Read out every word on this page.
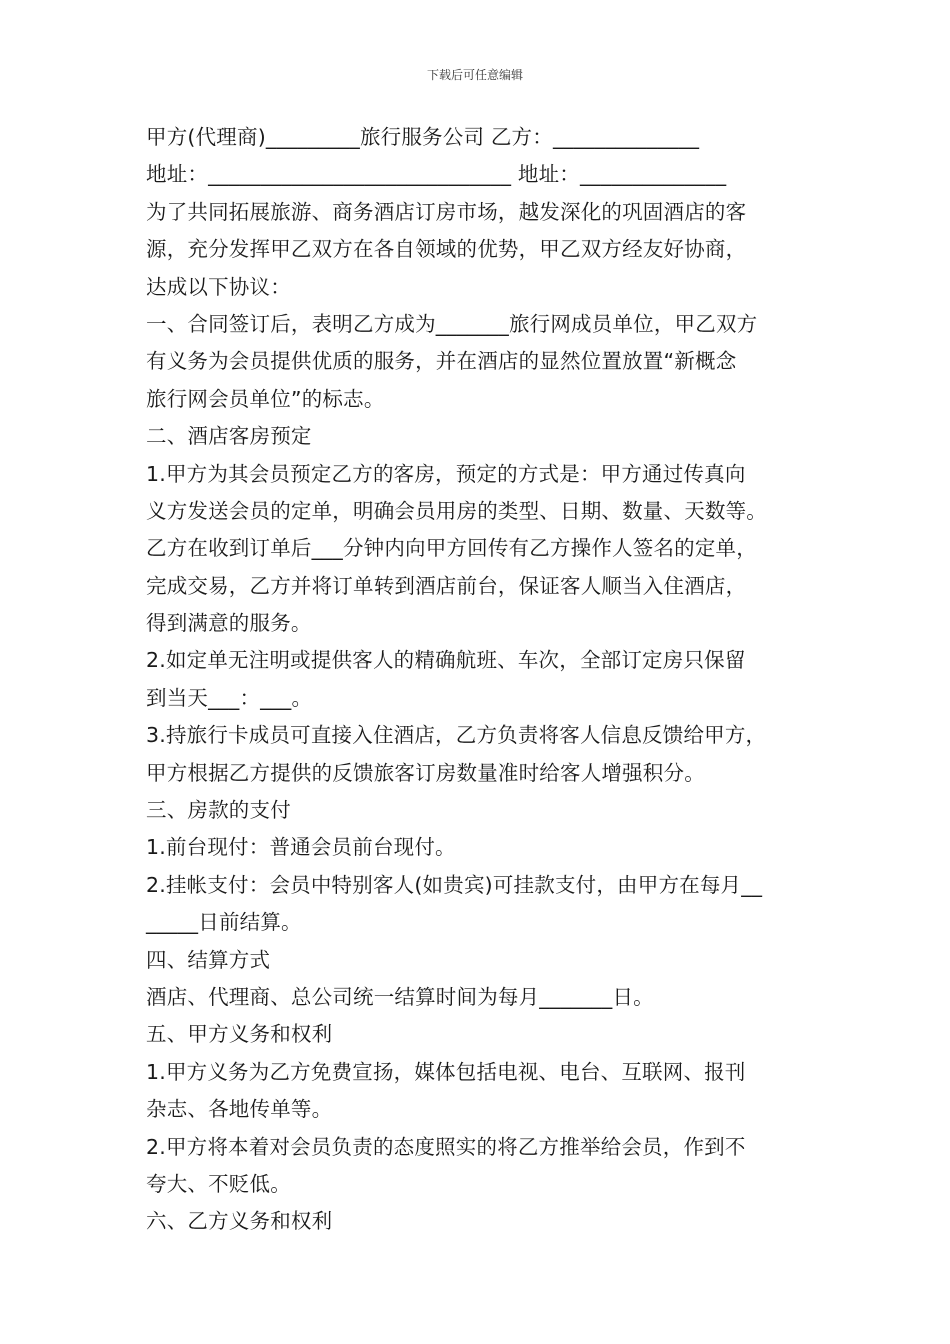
下载后可任意编辑
甲方(代理商)_________旅行服务公司 乙方：______________
地址：_____________________________ 地址：______________
为了共同拓展旅游、商务酒店订房市场，越发深化的巩固酒店的客
源，充分发挥甲乙双方在各自领域的优势，甲乙双方经友好协商，
达成以下协议：
一、合同签订后，表明乙方成为_______旅行网成员单位，甲乙双方
有义务为会员提供优质的服务，并在酒店的显然位置放置“新概念
旅行网会员单位”的标志。
二、酒店客房预定
1.甲方为其会员预定乙方的客房，预定的方式是：甲方通过传真向
义方发送会员的定单，明确会员用房的类型、日期、数量、天数等。
乙方在收到订单后___分钟内向甲方回传有乙方操作人签名的定单，
完成交易，乙方并将订单转到酒店前台，保证客人顺当入住酒店，
得到满意的服务。
2.如定单无注明或提供客人的精确航班、车次，全部订定房只保留
到当天___：___。
3.持旅行卡成员可直接入住酒店，乙方负责将客人信息反馈给甲方，
甲方根据乙方提供的反馈旅客订房数量准时给客人增强积分。
三、房款的支付
1.前台现付：普通会员前台现付。
2.挂帐支付：会员中特别客人(如贵宾)可挂款支付，由甲方在每月__
_____日前结算。
四、结算方式
酒店、代理商、总公司统一结算时间为每月_______日。
五、甲方义务和权利
1.甲方义务为乙方免费宣扬，媒体包括电视、电台、互联网、报刊
杂志、各地传单等。
2.甲方将本着对会员负责的态度照实的将乙方推举给会员，作到不
夸大、不贬低。
六、乙方义务和权利
